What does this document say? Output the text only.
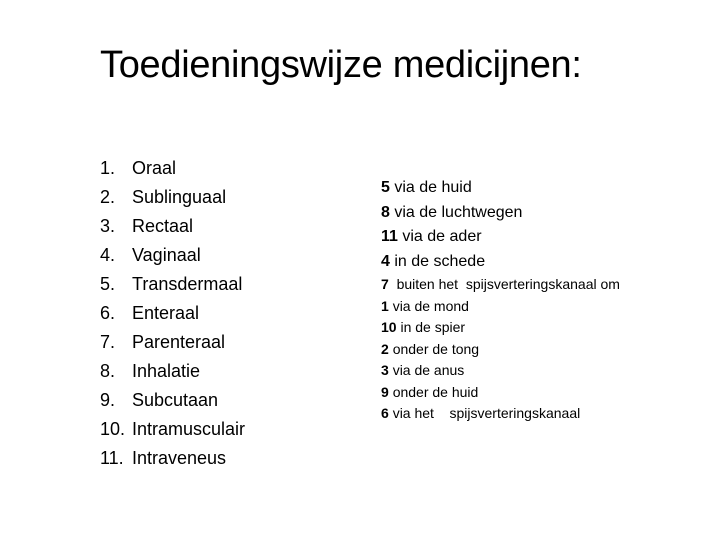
Toedieningswijze medicijnen:
1. Oraal
2. Sublinguaal
3. Rectaal
4. Vaginaal
5. Transdermaal
6. Enteraal
7. Parenteraal
8. Inhalatie
9. Subcutaan
10. Intramusculair
11. Intraveneus
5 via de huid
8 via de luchtwegen
11 via de ader
4 in de schede
7 buiten het  spijsverteringskanaal om
1 via de mond
10 in de spier
2 onder de tong
3 via de anus
9 onder de huid
6 via het    spijsverteringskanaal
